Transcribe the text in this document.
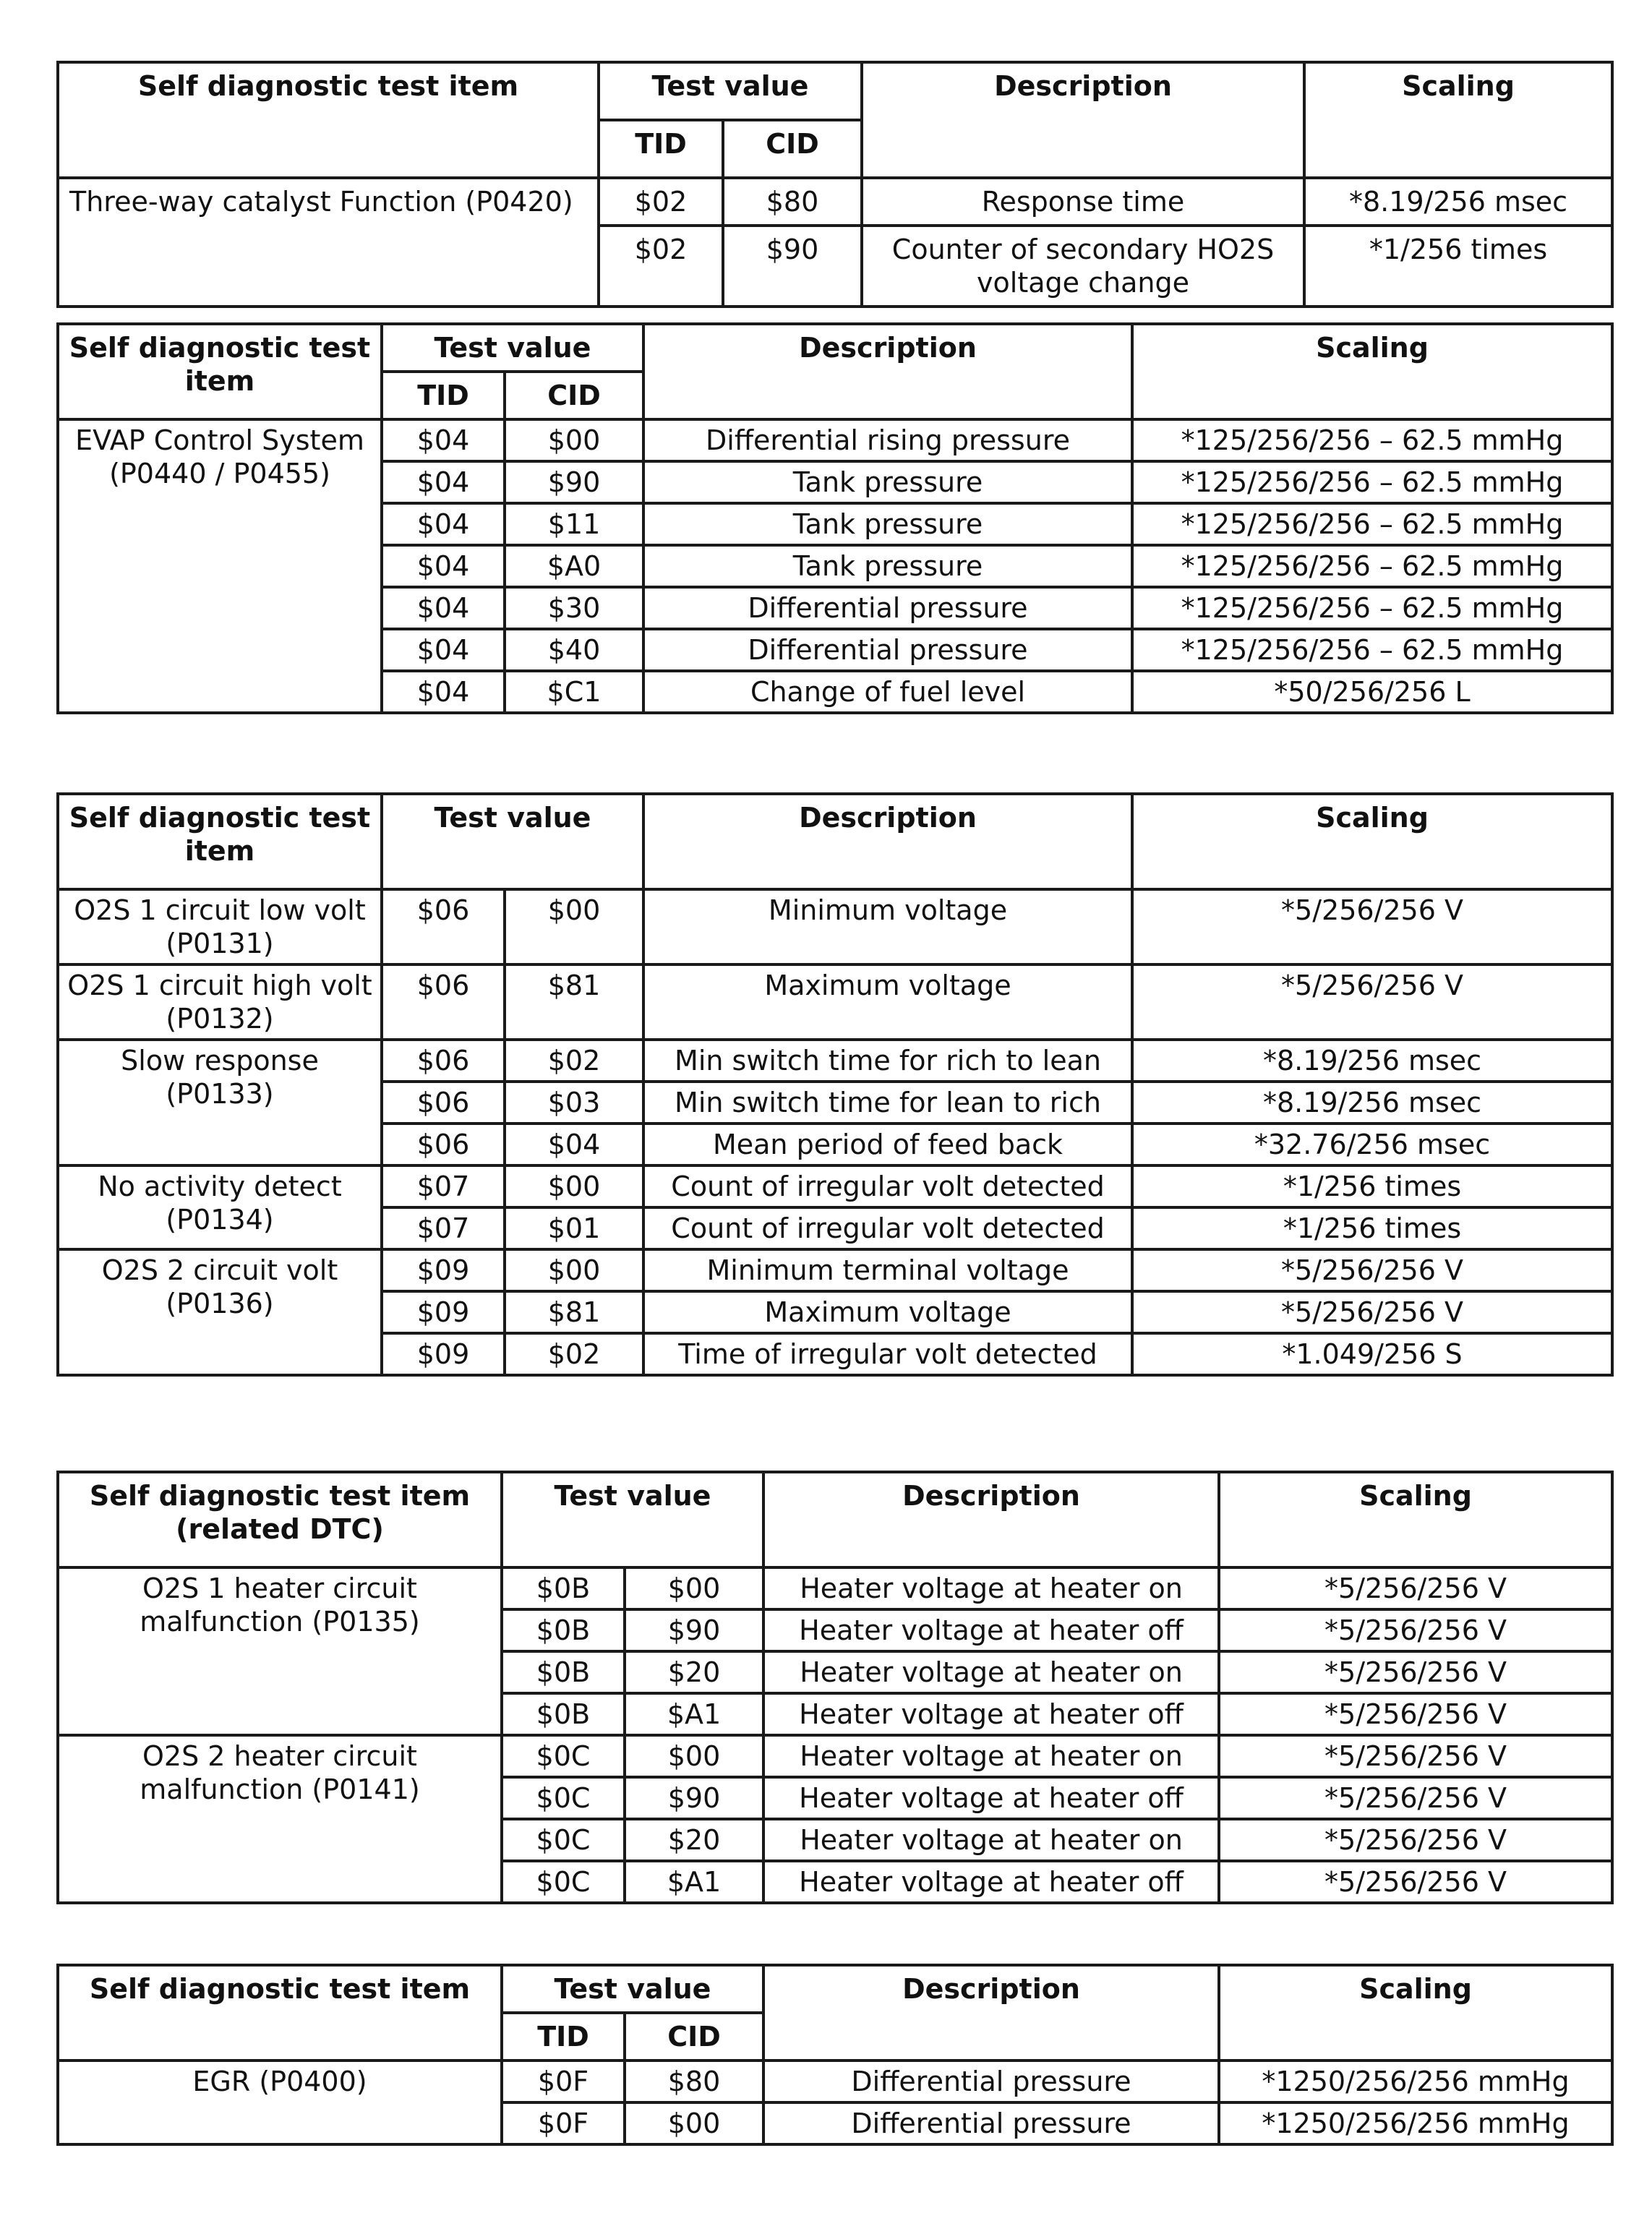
Self diagnostic test item	Test value		Description	Scaling
	TID	CID		
Three-way catalyst Function (P0420)	$02	$80	Response time	*8.19/256 msec
	$02	$90	Counter of secondary HO2S voltage change	*1/256 times
Self diagnostic test item	Test value		Description	Scaling
	TID	CID		
EVAP Control System (P0440 / P0455)	$04	$00	Differential rising pressure	*125/256/256 – 62.5 mmHg
	$04	$90	Tank pressure	*125/256/256 – 62.5 mmHg
	$04	$11	Tank pressure	*125/256/256 – 62.5 mmHg
	$04	$A0	Tank pressure	*125/256/256 – 62.5 mmHg
	$04	$30	Differential pressure	*125/256/256 – 62.5 mmHg
	$04	$40	Differential pressure	*125/256/256 – 62.5 mmHg
	$04	$C1	Change of fuel level	*50/256/256 L
Self diagnostic test item	Test value		Description	Scaling
O2S 1 circuit low volt (P0131)	$06	$00	Minimum voltage	*5/256/256 V
O2S 1 circuit high volt (P0132)	$06	$81	Maximum voltage	*5/256/256 V
Slow response (P0133)	$06	$02	Min switch time for rich to lean	*8.19/256 msec
	$06	$03	Min switch time for lean to rich	*8.19/256 msec
	$06	$04	Mean period of feed back	*32.76/256 msec
No activity detect (P0134)	$07	$00	Count of irregular volt detected	*1/256 times
	$07	$01	Count of irregular volt detected	*1/256 times
O2S 2 circuit volt (P0136)	$09	$00	Minimum terminal voltage	*5/256/256 V
	$09	$81	Maximum voltage	*5/256/256 V
	$09	$02	Time of irregular volt detected	*1.049/256 S
Self diagnostic test item (related DTC)	Test value		Description	Scaling
O2S 1 heater circuit malfunction (P0135)	$0B	$00	Heater voltage at heater on	*5/256/256 V
	$0B	$90	Heater voltage at heater off	*5/256/256 V
	$0B	$20	Heater voltage at heater on	*5/256/256 V
	$0B	$A1	Heater voltage at heater off	*5/256/256 V
O2S 2 heater circuit malfunction (P0141)	$0C	$00	Heater voltage at heater on	*5/256/256 V
	$0C	$90	Heater voltage at heater off	*5/256/256 V
	$0C	$20	Heater voltage at heater on	*5/256/256 V
	$0C	$A1	Heater voltage at heater off	*5/256/256 V
Self diagnostic test item	Test value		Description	Scaling
	TID	CID		
EGR (P0400)	$0F	$80	Differential pressure	*1250/256/256 mmHg
	$0F	$00	Differential pressure	*1250/256/256 mmHg
